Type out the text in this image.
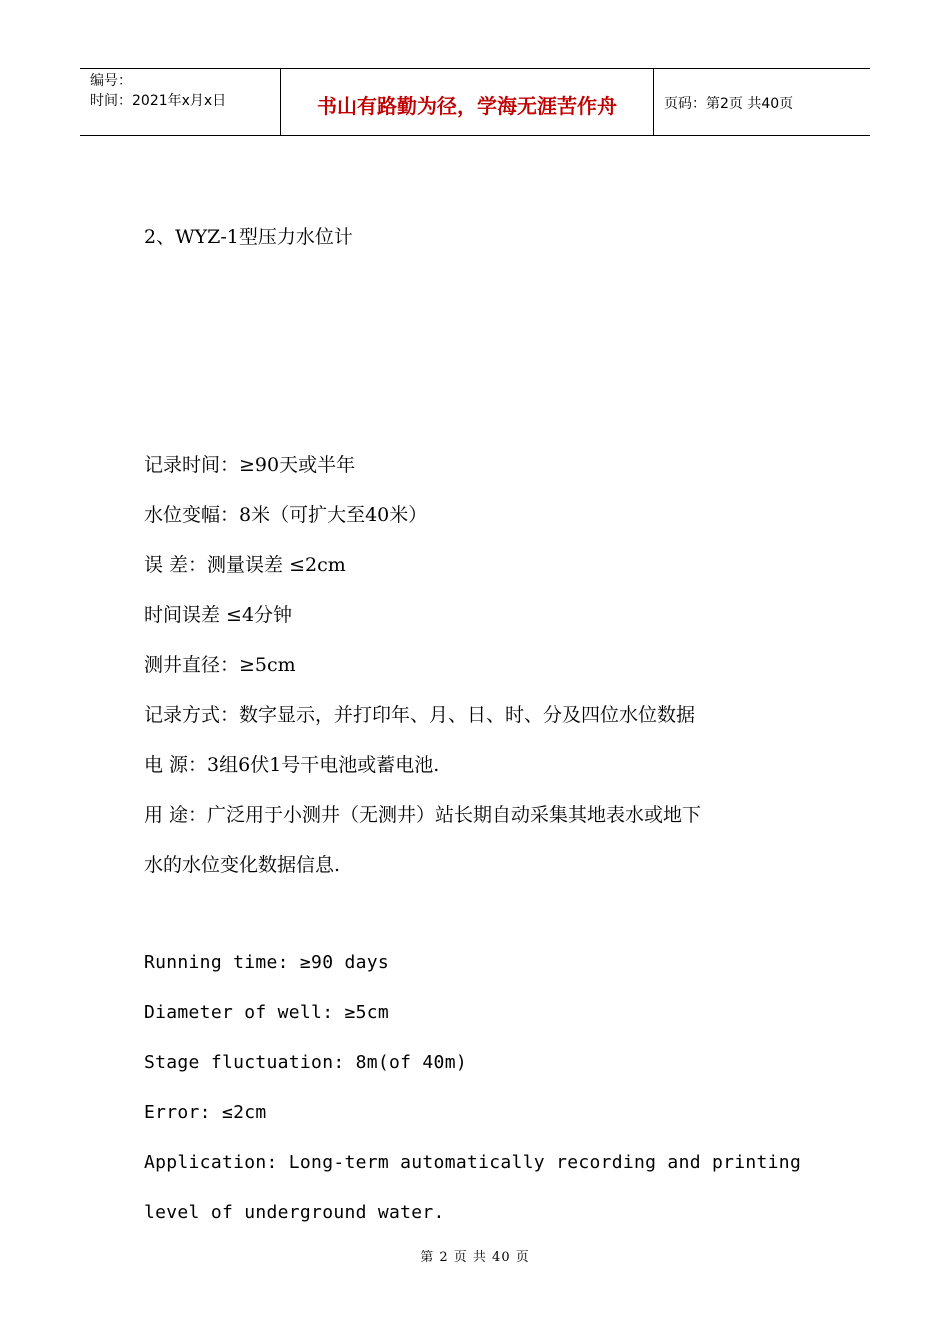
编号：
时间：2021年x月x日	书山有路勤为径，学海无涯苦作舟	页码：第2页 共40页
2、WYZ-1型压力水位计
记录时间：≥90天或半年
水位变幅：8米（可扩大至40米）
误 差：测量误差 ≤2cm
时间误差 ≤4分钟
测井直径：≥5cm
记录方式：数字显示，并打印年、月、日、时、分及四位水位数据
电 源：3组6伏1号干电池或蓄电池.
用 途：广泛用于小测井（无测井）站长期自动采集其地表水或地下
水的水位变化数据信息.
Running time: ≥90 days
Diameter of well: ≥5cm
Stage fluctuation: 8m(of 40m)
Error: ≤2cm
Application: Long-term automatically recording and printing
level of underground water.
第 2 页 共 40 页
